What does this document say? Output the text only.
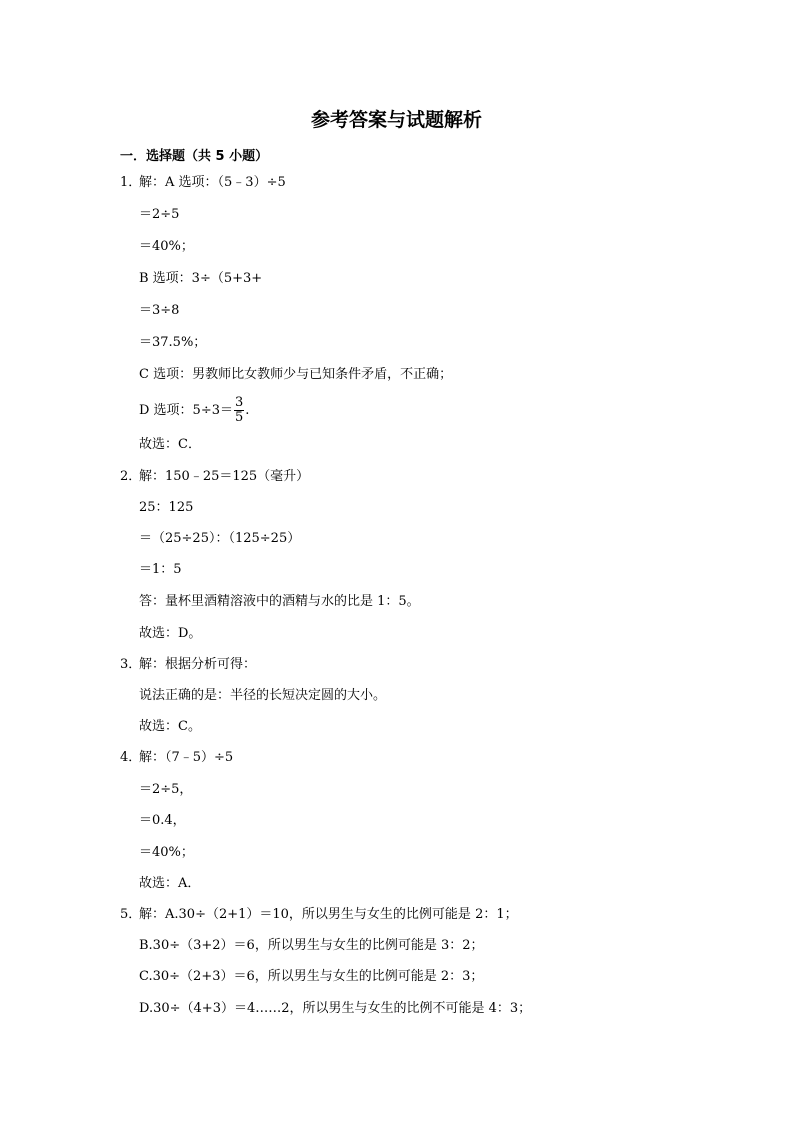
参考答案与试题解析
一．选择题（共 5 小题）
1．
解：A 选项：（5﹣3）÷5
＝2÷5
＝40%；
B 选项：3÷（5+3+
＝3÷8
＝37.5%；
C 选项：男教师比女教师少与已知条件矛盾，不正确；
D 选项：$5\div 3= \frac{3}{5}$ .
故选：C．
2．
解：150﹣25＝125（毫升）
25：125
＝（25÷25）：（125÷25）
＝1：5
答：量杯里酒精溶液中的酒精与水的比是 1：5。
故选：D。
3．
解：根据分析可得：
说法正确的是：半径的长短决定圆的大小。
故选：C。
4．
解：（7﹣5）÷5
＝2÷5，
＝0.4，
＝40%；
故选：A．
5．
解：A.30÷（2+1）＝10，所以男生与女生的比例可能是 2：1；
B.30÷（3+2）＝6，所以男生与女生的比例可能是 3：2；
C.30÷（2+3）＝6，所以男生与女生的比例可能是 2：3；
D.30÷（4+3）＝4……2，所以男生与女生的比例不可能是 4：3；
